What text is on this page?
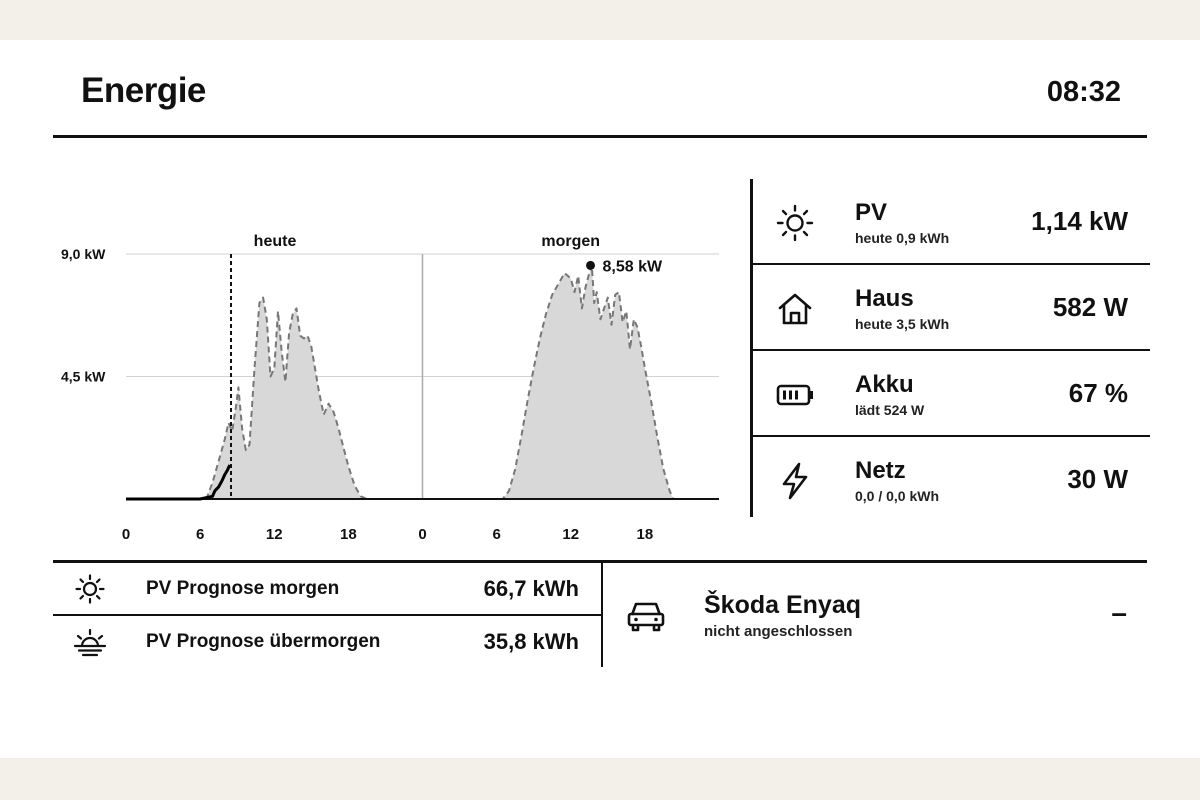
Energie	08:32
8,58 kW
heute	morgen
9,0 kW
4,5 kW
0	6	12	18	0	6	12	18
PV
heute 0,9 kWh
1,14 kW
Haus
heute 3,5 kWh
582 W
Akku
lädt 524 W
67 %
Netz
0,0 / 0,0 kWh
30 W
PV Prognose morgen	66,7 kWh
PV Prognose übermorgen	35,8 kWh
Škoda Enyaq
nicht angeschlossen
–
